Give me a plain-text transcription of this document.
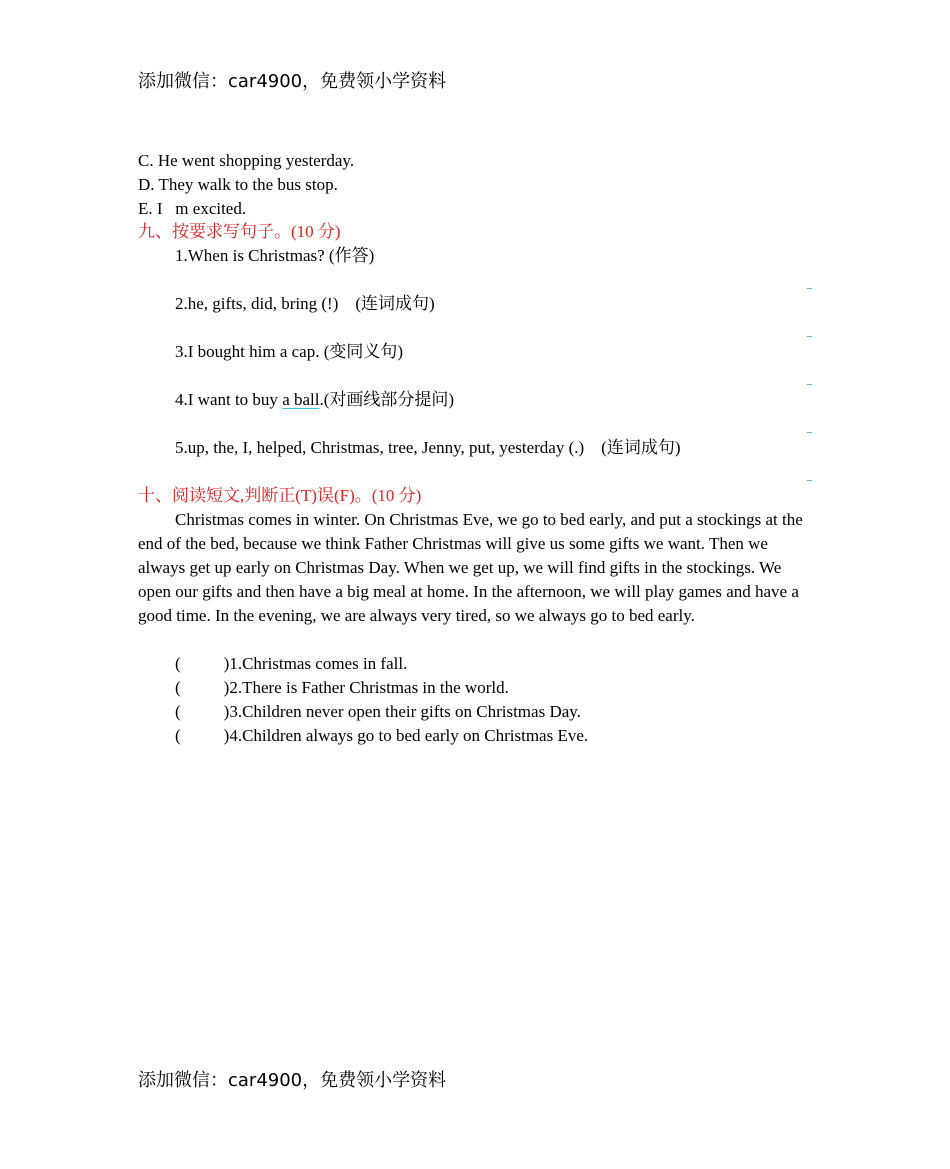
添加微信：car4900，免费领小学资料
C. He went shopping yesterday.
D. They walk to the bus stop.
E. I   m excited.
九、按要求写句子。(10 分)
1.When is Christmas? (作答)
2.he, gifts, did, bring (!)    (连词成句)
3.I bought him a cap. (变同义句)
4.I want to buy a ball.(对画线部分提问)
5.up, the, I, helped, Christmas, tree, Jenny, put, yesterday (.)    (连词成句)
十、阅读短文,判断正(T)误(F)。(10 分)
Christmas comes in winter. On Christmas Eve, we go to bed early, and put a stockings at the end of the bed, because we think Father Christmas will give us some gifts we want. Then we always get up early on Christmas Day. When we get up, we will find gifts in the stockings. We open our gifts and then have a big meal at home. In the afternoon, we will play games and have a good time. In the evening, we are always very tired, so we always go to bed early.
(	)1.Christmas comes in fall.
(	)2.There is Father Christmas in the world.
(	)3.Children never open their gifts on Christmas Day.
(	)4.Children always go to bed early on Christmas Eve.
添加微信：car4900，免费领小学资料
